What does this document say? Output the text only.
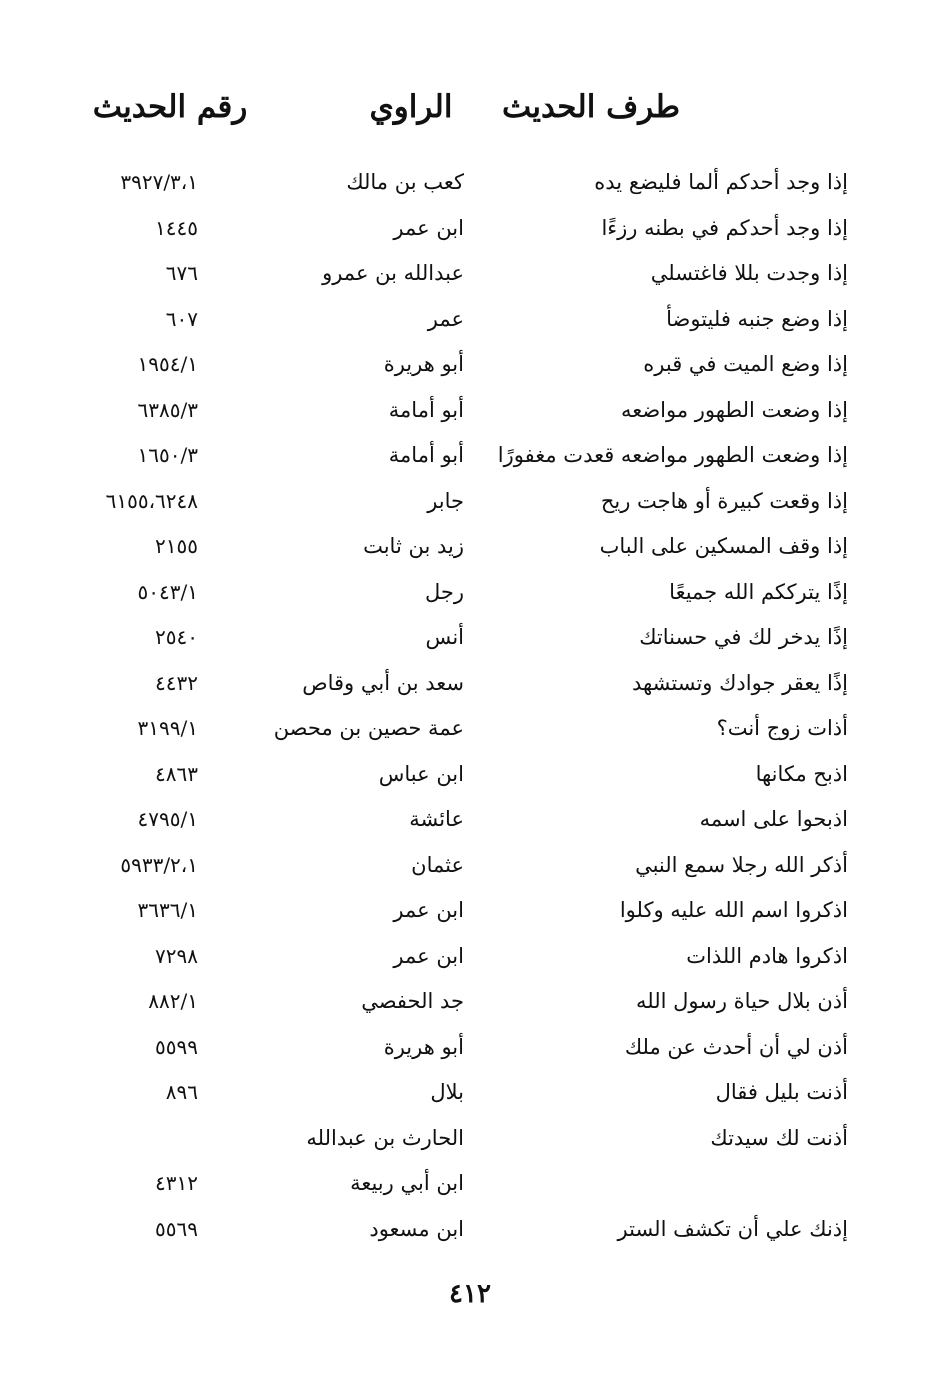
طرف الحديث
الراوي
رقم الحديث
إذا وجد أحدكم ألما فليضع يده
كعب بن مالك
٣٩٢٧/٣،١
إذا وجد أحدكم في بطنه رزءًا
ابن عمر
١٤٤٥
إذا وجدت بللا فاغتسلي
عبدالله بن عمرو
٦٧٦
إذا وضع جنبه فليتوضأ
عمر
٦٠٧
إذا وضع الميت في قبره
أبو هريرة
١٩٥٤/١
إذا وضعت الطهور مواضعه
أبو أمامة
٦٣٨٥/٣
إذا وضعت الطهور مواضعه قعدت مغفورًا
أبو أمامة
١٦٥٠/٣
إذا وقعت كبيرة أو هاجت ريح
جابر
٦١٥٥،٦٢٤٨
إذا وقف المسكين على الباب
زيد بن ثابت
٢١٥٥
إذًا يترككم الله جميعًا
رجل
٥٠٤٣/١
إذًا يدخر لك في حسناتك
أنس
٢٥٤٠
إذًا يعقر جوادك وتستشهد
سعد بن أبي وقاص
٤٤٣٢
أذات زوج أنت؟
عمة حصين بن محصن
٣١٩٩/١
اذبح مكانها
ابن عباس
٤٨٦٣
اذبحوا على اسمه
عائشة
٤٧٩٥/١
أذكر الله رجلا سمع النبي
عثمان
٥٩٣٣/٢،١
اذكروا اسم الله عليه وكلوا
ابن عمر
٣٦٣٦/١
اذكروا هادم اللذات
ابن عمر
٧٢٩٨
أذن بلال حياة رسول الله
جد الحفصي
٨٨٢/١
أذن لي أن أحدث عن ملك
أبو هريرة
٥٥٩٩
أذنت بليل فقال
بلال
٨٩٦
أذنت لك سيدتك
الحارث بن عبدالله
ابن أبي ربيعة
٤٣١٢
إذنك علي أن تكشف الستر
ابن مسعود
٥٥٦٩
٤١٢
